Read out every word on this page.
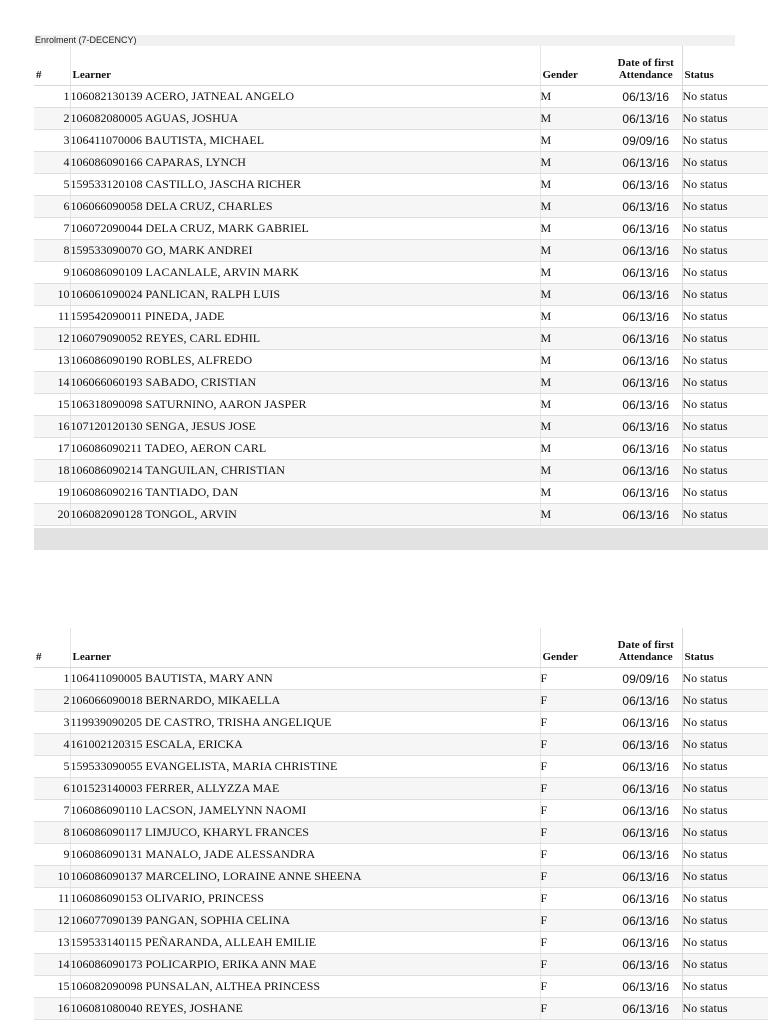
Enrolment (7-DECENCY)
#	Learner	Gender	Date of first Attendance	Status
1	106082130139 ACERO, JATNEAL ANGELO	M	06/13/16	No status
2	106082080005 AGUAS, JOSHUA	M	06/13/16	No status
3	106411070006 BAUTISTA, MICHAEL	M	09/09/16	No status
4	106086090166 CAPARAS, LYNCH	M	06/13/16	No status
5	159533120108 CASTILLO, JASCHA RICHER	M	06/13/16	No status
6	106066090058 DELA CRUZ, CHARLES	M	06/13/16	No status
7	106072090044 DELA CRUZ, MARK GABRIEL	M	06/13/16	No status
8	159533090070 GO, MARK ANDREI	M	06/13/16	No status
9	106086090109 LACANLALE, ARVIN MARK	M	06/13/16	No status
10	106061090024 PANLICAN, RALPH LUIS	M	06/13/16	No status
11	159542090011 PINEDA, JADE	M	06/13/16	No status
12	106079090052 REYES, CARL EDHIL	M	06/13/16	No status
13	106086090190 ROBLES, ALFREDO	M	06/13/16	No status
14	106066060193 SABADO, CRISTIAN	M	06/13/16	No status
15	106318090098 SATURNINO, AARON JASPER	M	06/13/16	No status
16	107120120130 SENGA, JESUS JOSE	M	06/13/16	No status
17	106086090211 TADEO, AERON CARL	M	06/13/16	No status
18	106086090214 TANGUILAN, CHRISTIAN	M	06/13/16	No status
19	106086090216 TANTIADO, DAN	M	06/13/16	No status
20	106082090128 TONGOL, ARVIN	M	06/13/16	No status
#	Learner	Gender	Date of first Attendance	Status
1	106411090005 BAUTISTA, MARY ANN	F	09/09/16	No status
2	106066090018 BERNARDO, MIKAELLA	F	06/13/16	No status
3	119939090205 DE CASTRO, TRISHA ANGELIQUE	F	06/13/16	No status
4	161002120315 ESCALA, ERICKA	F	06/13/16	No status
5	159533090055 EVANGELISTA, MARIA CHRISTINE	F	06/13/16	No status
6	101523140003 FERRER, ALLYZZA MAE	F	06/13/16	No status
7	106086090110 LACSON, JAMELYNN NAOMI	F	06/13/16	No status
8	106086090117 LIMJUCO, KHARYL FRANCES	F	06/13/16	No status
9	106086090131 MANALO, JADE ALESSANDRA	F	06/13/16	No status
10	106086090137 MARCELINO, LORAINE ANNE SHEENA	F	06/13/16	No status
11	106086090153 OLIVARIO, PRINCESS	F	06/13/16	No status
12	106077090139 PANGAN, SOPHIA CELINA	F	06/13/16	No status
13	159533140115 PEÑARANDA, ALLEAH EMILIE	F	06/13/16	No status
14	106086090173 POLICARPIO, ERIKA ANN MAE	F	06/13/16	No status
15	106082090098 PUNSALAN, ALTHEA PRINCESS	F	06/13/16	No status
16	106081080040 REYES, JOSHANE	F	06/13/16	No status
